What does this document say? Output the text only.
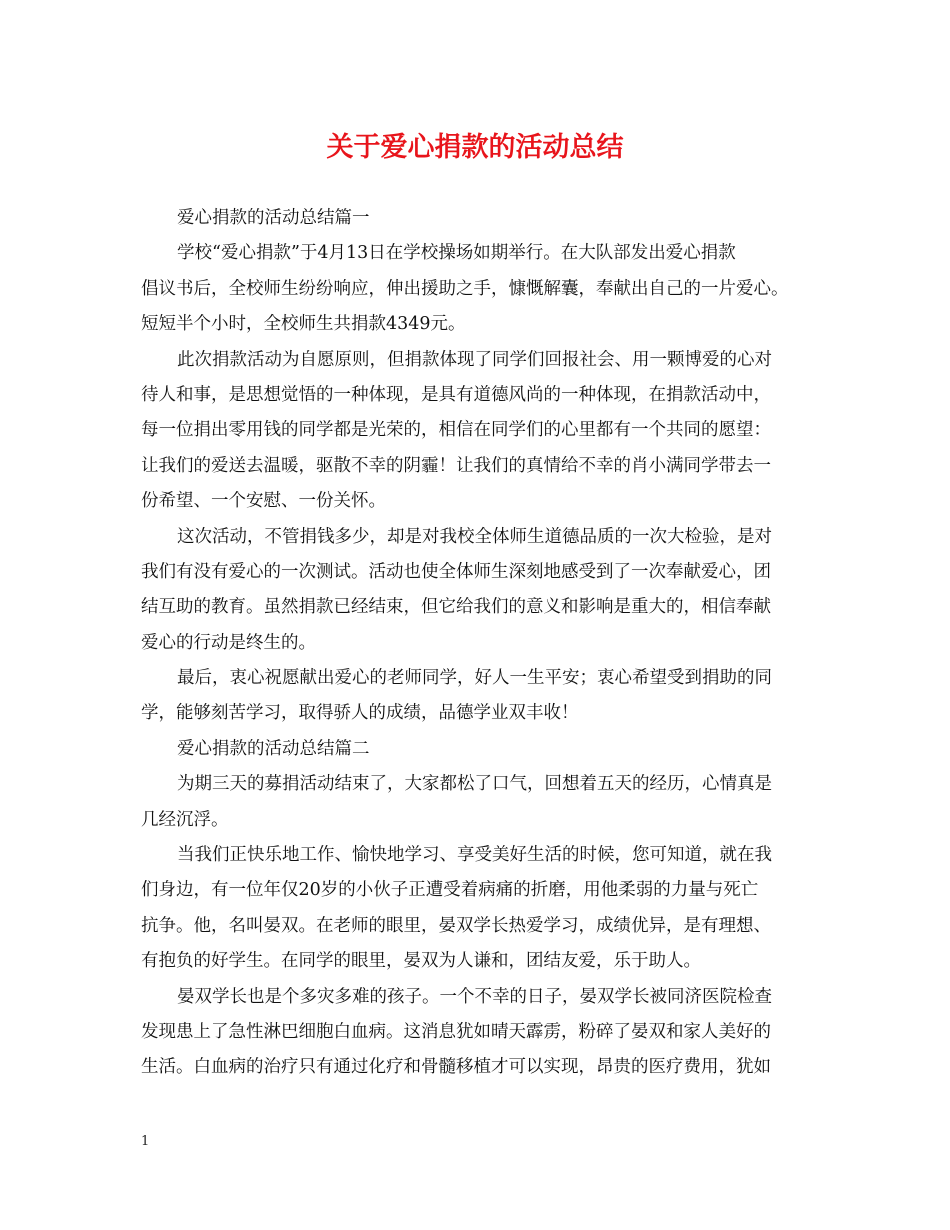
关于爱心捐款的活动总结
爱心捐款的活动总结篇一
学校“爱心捐款”于4月13日在学校操场如期举行。在大队部发出爱心捐款
倡议书后，全校师生纷纷响应，伸出援助之手，慷慨解囊，奉献出自己的一片爱心。
短短半个小时，全校师生共捐款4349元。
此次捐款活动为自愿原则，但捐款体现了同学们回报社会、用一颗博爱的心对
待人和事，是思想觉悟的一种体现，是具有道德风尚的一种体现，在捐款活动中，
每一位捐出零用钱的同学都是光荣的，相信在同学们的心里都有一个共同的愿望：
让我们的爱送去温暖，驱散不幸的阴霾！让我们的真情给不幸的肖小满同学带去一
份希望、一个安慰、一份关怀。
这次活动，不管捐钱多少，却是对我校全体师生道德品质的一次大检验，是对
我们有没有爱心的一次测试。活动也使全体师生深刻地感受到了一次奉献爱心，团
结互助的教育。虽然捐款已经结束，但它给我们的意义和影响是重大的，相信奉献
爱心的行动是终生的。
最后，衷心祝愿献出爱心的老师同学，好人一生平安；衷心希望受到捐助的同
学，能够刻苦学习，取得骄人的成绩，品德学业双丰收！
爱心捐款的活动总结篇二
为期三天的募捐活动结束了，大家都松了口气，回想着五天的经历，心情真是
几经沉浮。
当我们正快乐地工作、愉快地学习、享受美好生活的时候，您可知道，就在我
们身边，有一位年仅20岁的小伙子正遭受着病痛的折磨，用他柔弱的力量与死亡
抗争。他，名叫晏双。在老师的眼里，晏双学长热爱学习，成绩优异，是有理想、
有抱负的好学生。在同学的眼里，晏双为人谦和，团结友爱，乐于助人。
晏双学长也是个多灾多难的孩子。一个不幸的日子，晏双学长被同济医院检查
发现患上了急性淋巴细胞白血病。这消息犹如晴天霹雳，粉碎了晏双和家人美好的
生活。白血病的治疗只有通过化疗和骨髓移植才可以实现，昂贵的医疗费用，犹如
1
